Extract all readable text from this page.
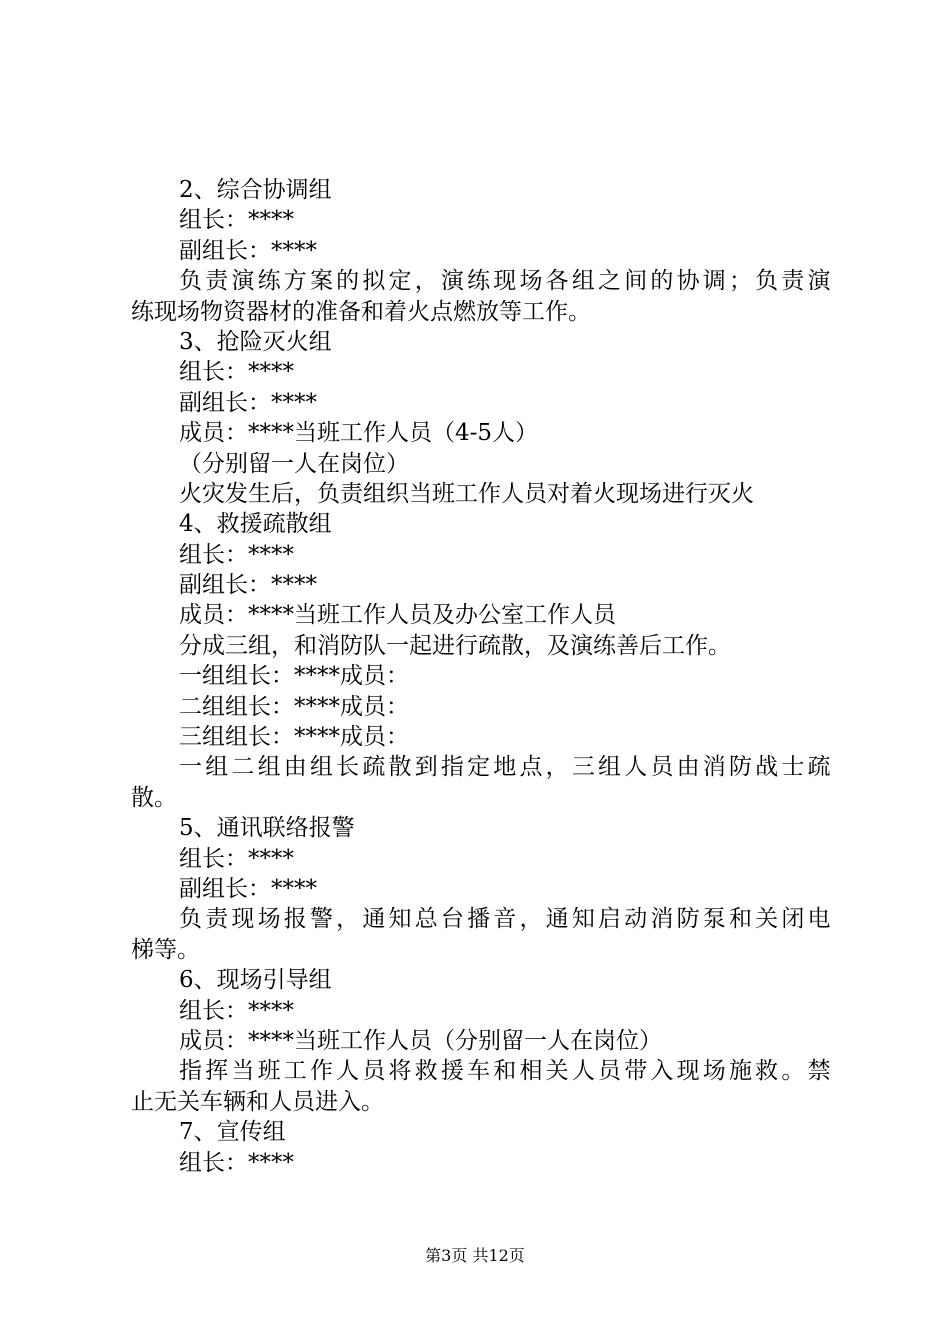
2、综合协调组
组长：****
副组长：****
负责演练方案的拟定，演练现场各组之间的协调；负责演
练现场物资器材的准备和着火点燃放等工作。
3、抢险灭火组
组长：****
副组长：****
成员：****当班工作人员（4-5人）
（分别留一人在岗位）
火灾发生后，负责组织当班工作人员对着火现场进行灭火
4、救援疏散组
组长：****
副组长：****
成员：****当班工作人员及办公室工作人员
分成三组，和消防队一起进行疏散，及演练善后工作。
一组组长：****成员：
二组组长：****成员：
三组组长：****成员：
一组二组由组长疏散到指定地点，三组人员由消防战士疏
散。
5、通讯联络报警
组长：****
副组长：****
负责现场报警，通知总台播音，通知启动消防泵和关闭电
梯等。
6、现场引导组
组长：****
成员：****当班工作人员（分别留一人在岗位）
指挥当班工作人员将救援车和相关人员带入现场施救。禁
止无关车辆和人员进入。
7、宣传组
组长：****
第3页 共12页
